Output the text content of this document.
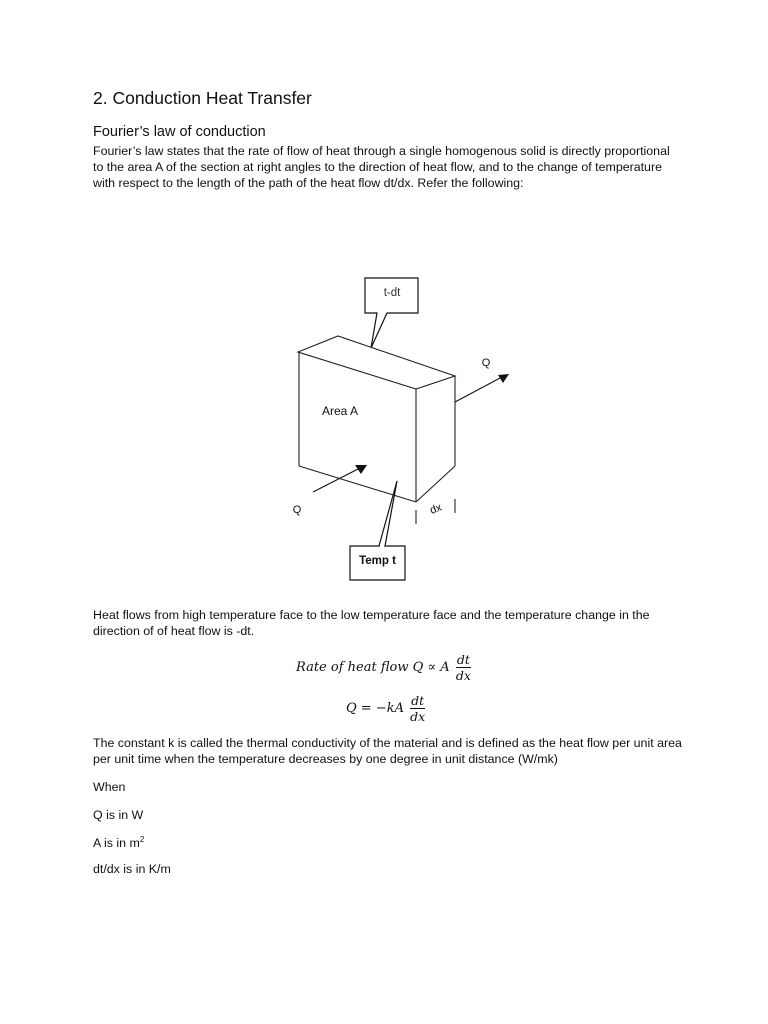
2. Conduction Heat Transfer
Fourier’s law of conduction
Fourier’s law states that the rate of flow of heat through a single homogenous solid is directly proportional to the area A of the section at right angles to the direction of heat flow, and to the change of temperature with respect to the length of the path of the heat flow dt/dx. Refer the following:
t-dt
Area A
Q
Q	dx
Temp t
Heat flows from high temperature face to the low temperature face and the temperature change in the direction of of heat flow is -dt.
Rate of heat flow Q ∝ A $\frac{dt}{dx}$
$Q = -kA \frac{dt}{dx}$
The constant k is called the thermal conductivity of the material and is defined as the heat flow per unit area per unit time when the temperature decreases by one degree in unit distance (W/mk)
When
Q is in W
A is in $m^2$
dt/dx is in K/m
